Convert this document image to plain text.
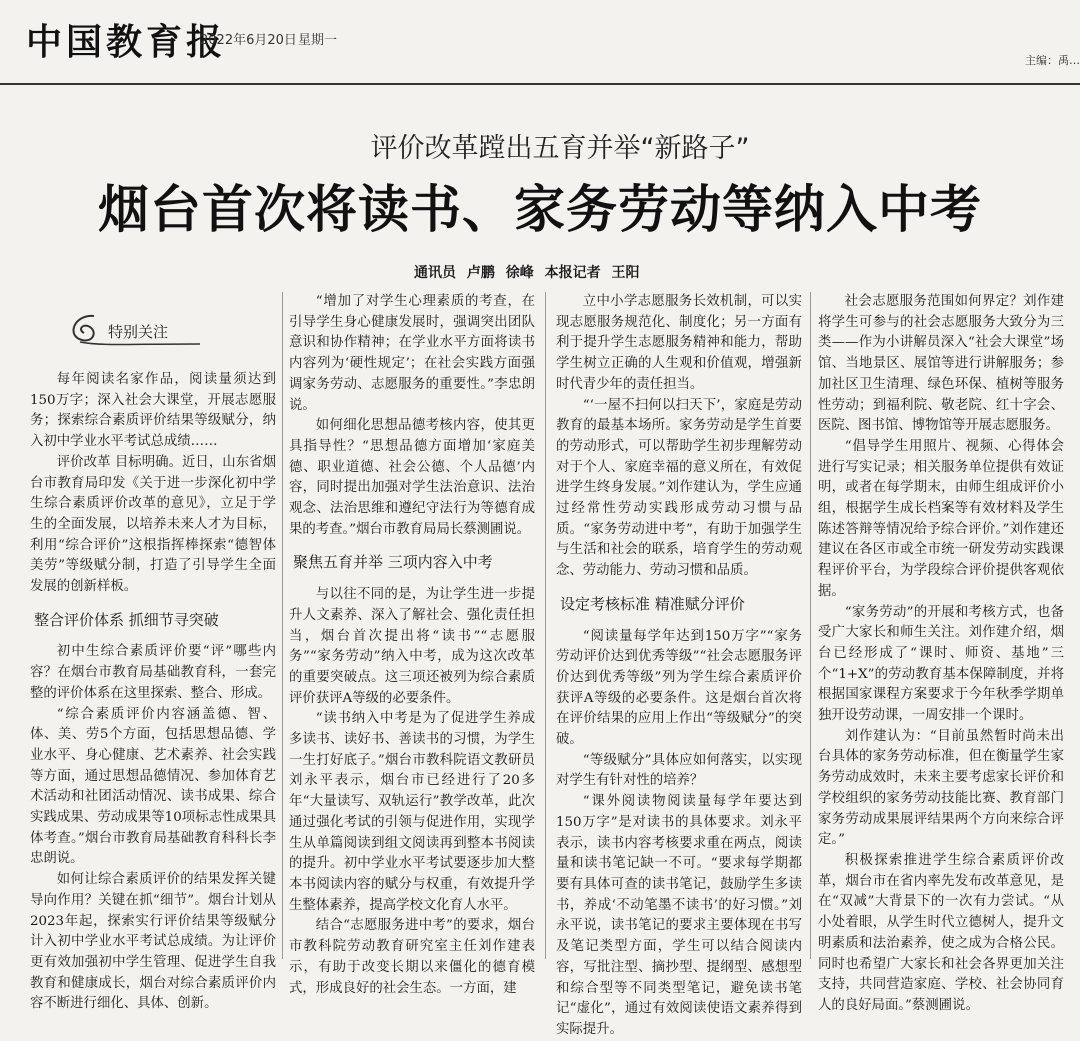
中国教育报
2022年6月20日 星期一
主编：禹…
评价改革蹚出五育并举“新路子”
烟台首次将读书、家务劳动等纳入中考
通讯员 卢鹏 徐峰 本报记者 王阳
特别关注

每年阅读名家作品，阅读量须达到150万字；深入社会大课堂，开展志愿服务；探索综合素质评价结果等级赋分，纳入初中学业水平考试总成绩……

评价改革 目标明确。近日，山东省烟台市教育局印发《关于进一步深化初中学生综合素质评价改革的意见》，立足于学生的全面发展，以培养未来人才为目标，利用“综合评价”这根指挥棒探索“德智体美劳”等级赋分制，打造了引导学生全面发展的创新样板。

整合评价体系 抓细节寻突破

初中生综合素质评价要“评”哪些内容？在烟台市教育局基础教育科，一套完整的评价体系在这里探索、整合、形成。

“综合素质评价内容涵盖德、智、体、美、劳5个方面，包括思想品德、学业水平、身心健康、艺术素养、社会实践等方面，通过思想品德情况、参加体育艺术活动和社团活动情况、读书成果、综合实践成果、劳动成果等10项标志性成果具体考查。”烟台市教育局基础教育科科长李忠朗说。

如何让综合素质评价的结果发挥关键导向作用？关键在抓“细节”。烟台计划从2023年起，探索实行评价结果等级赋分计入初中学业水平考试总成绩。为让评价更有效加强初中学生管理、促进学生自我教育和健康成长，烟台对综合素质评价内容不断进行细化、具体、创新。

“增加了对学生心理素质的考查，在引导学生身心健康发展时，强调突出团队意识和协作精神；在学业水平方面将读书内容列为‘硬性规定’；在社会实践方面强调家务劳动、志愿服务的重要性。”李忠朗说。

如何细化思想品德考核内容，使其更具指导性？“思想品德方面增加‘家庭美德、职业道德、社会公德、个人品德’内容，同时提出加强对学生法治意识、法治观念、法治思维和遵纪守法行为等德育成果的考查。”烟台市教育局局长蔡测圃说。

聚焦五育并举 三项内容入中考

与以往不同的是，为让学生进一步提升人文素养、深入了解社会、强化责任担当，烟台首次提出将“读书”“志愿服务”“家务劳动”纳入中考，成为这次改革的重要突破点。这三项还被列为综合素质评价获评A等级的必要条件。

“读书纳入中考是为了促进学生养成多读书、读好书、善读书的习惯，为学生一生打好底子。”烟台市教科院语文教研员刘永平表示，烟台市已经进行了20多年“大量读写、双轨运行”教学改革，此次通过强化考试的引领与促进作用，实现学生从单篇阅读到组文阅读再到整本书阅读的提升。初中学业水平考试要逐步加大整本书阅读内容的赋分与权重，有效提升学生整体素养，提高学校文化育人水平。

结合“志愿服务进中考”的要求，烟台市教科院劳动教育研究室主任刘作建表示，有助于改变长期以来僵化的德育模式，形成良好的社会生态。一方面，建

立中小学志愿服务长效机制，可以实现志愿服务规范化、制度化；另一方面有利于提升学生志愿服务精神和能力，帮助学生树立正确的人生观和价值观，增强新时代青少年的责任担当。

“‘一屋不扫何以扫天下’，家庭是劳动教育的最基本场所。家务劳动是学生首要的劳动形式，可以帮助学生初步理解劳动对于个人、家庭幸福的意义所在，有效促进学生终身发展。”刘作建认为，学生应通过经常性劳动实践形成劳动习惯与品质。“家务劳动进中考”，有助于加强学生与生活和社会的联系，培育学生的劳动观念、劳动能力、劳动习惯和品质。

设定考核标准 精准赋分评价

“阅读量每学年达到150万字”“家务劳动评价达到优秀等级”“社会志愿服务评价达到优秀等级”列为学生综合素质评价获评A等级的必要条件。这是烟台首次将在评价结果的应用上作出“等级赋分”的突破。

“等级赋分”具体应如何落实，以实现对学生有针对性的培养？

“课外阅读物阅读量每学年要达到150万字”是对读书的具体要求。刘永平表示，读书内容考核要求重在两点，阅读量和读书笔记缺一不可。“要求每学期都要有具体可查的读书笔记，鼓励学生多读书，养成‘不动笔墨不读书’的好习惯。”刘永平说，读书笔记的要求主要体现在书写及笔记类型方面，学生可以结合阅读内容，写批注型、摘抄型、提纲型、感想型和综合型等不同类型笔记，避免读书笔记“虚化”，通过有效阅读使语文素养得到实际提升。

社会志愿服务范围如何界定？刘作建将学生可参与的社会志愿服务大致分为三类——作为小讲解员深入“社会大课堂”场馆、当地景区、展馆等进行讲解服务；参加社区卫生清理、绿色环保、植树等服务性劳动；到福利院、敬老院、红十字会、医院、图书馆、博物馆等开展志愿服务。

“倡导学生用照片、视频、心得体会进行写实记录；相关服务单位提供有效证明，或者在每学期末，由师生组成评价小组，根据学生成长档案等有效材料及学生陈述答辩等情况给予综合评价。”刘作建还建议在各区市或全市统一研发劳动实践课程评价平台，为学段综合评价提供客观依据。

“家务劳动”的开展和考核方式，也备受广大家长和师生关注。刘作建介绍，烟台已经形成了“课时、师资、基地”三个“1+X”的劳动教育基本保障制度，并将根据国家课程方案要求于今年秋季学期单独开设劳动课，一周安排一个课时。

刘作建认为：“目前虽然暂时尚未出台具体的家务劳动标准，但在衡量学生家务劳动成效时，未来主要考虑家长评价和学校组织的家务劳动技能比赛、教育部门家务劳动成果展评结果两个方向来综合评定。”

积极探索推进学生综合素质评价改革，烟台市在省内率先发布改革意见，是在“双减”大背景下的一次有力尝试。“从小处着眼，从学生时代立德树人，提升文明素质和法治素养，使之成为合格公民。同时也希望广大家长和社会各界更加关注支持，共同营造家庭、学校、社会协同育人的良好局面。”蔡测圃说。
